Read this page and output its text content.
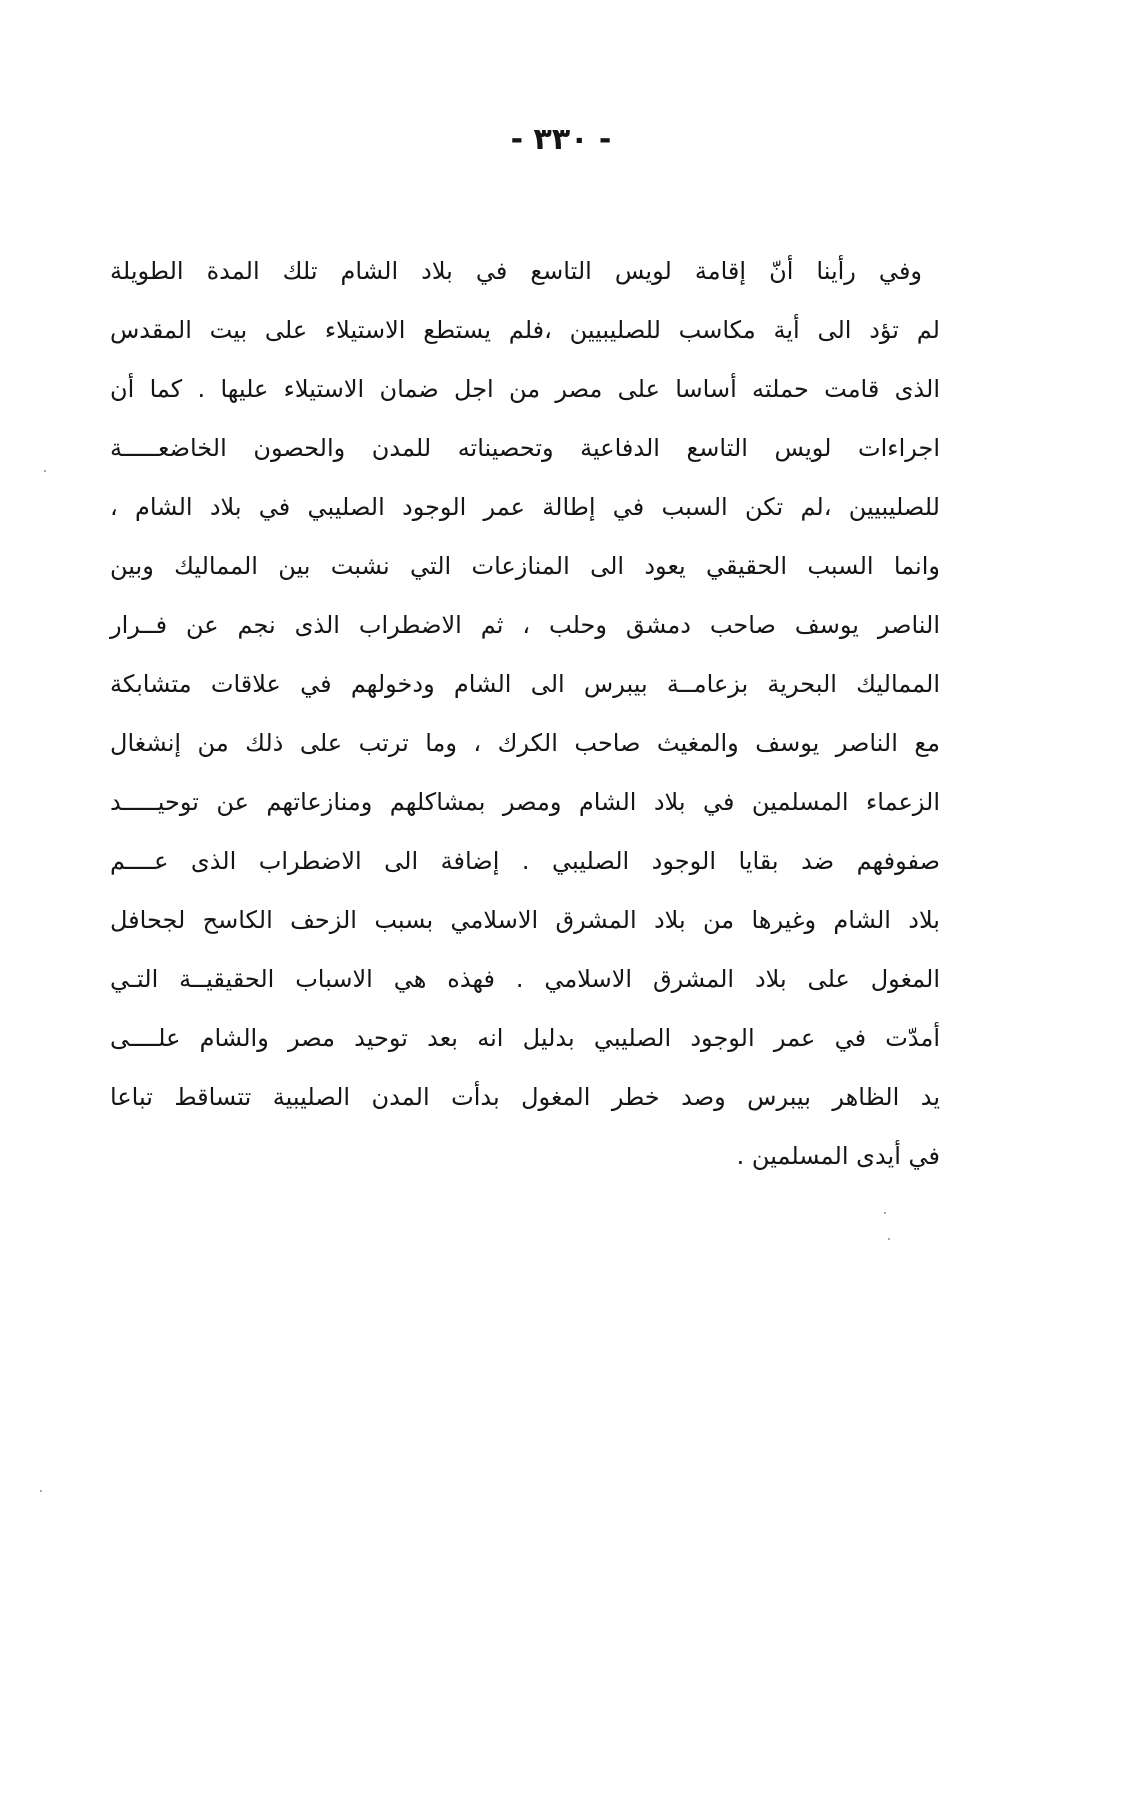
- ٣٣٠ -
وفي رأينا أنّ إقامة لويس التاسع في بلاد الشام تلك المدة الطويلة
لم تؤد الى أية مكاسب للصليبيين ،فلم يستطع الاستيلاء على بيت المقدس
الذى قامت حملته أساسا على مصر من اجل ضمان الاستيلاء عليها . كما أن
اجراءات لويس التاسع الدفاعية وتحصيناته للمدن والحصون الخاضعـــــة
للصليبيين ،لم تكن السبب في إطالة عمر الوجود الصليبي في بلاد الشام ،
وانما السبب الحقيقي يعود الى المنازعات التي نشبت بين المماليك وبين
الناصر يوسف صاحب دمشق وحلب ، ثم الاضطراب الذى نجم عن فــرار
المماليك البحرية بزعامــة بيبرس الى الشام ودخولهم في علاقات متشابكة
مع الناصر يوسف والمغيث صاحب الكرك ، وما ترتب على ذلك من إنشغال
الزعماء المسلمين في بلاد الشام ومصر بمشاكلهم ومنازعاتهم عن توحيـــــد
صفوفهم ضد بقايا الوجود الصليبي . إضافة الى الاضطراب الذى عــــم
بلاد الشام وغيرها من بلاد المشرق الاسلامي بسبب الزحف الكاسح لجحافل
المغول على بلاد المشرق الاسلامي . فهذه هي الاسباب الحقيقيــة التـي
أمدّت في عمر الوجود الصليبي بدليل انه بعد توحيد مصر والشام علــــى
يد الظاهر بيبرس وصد خطر المغول بدأت المدن الصليبية تتساقط تباعا
في أيدى المسلمين .
